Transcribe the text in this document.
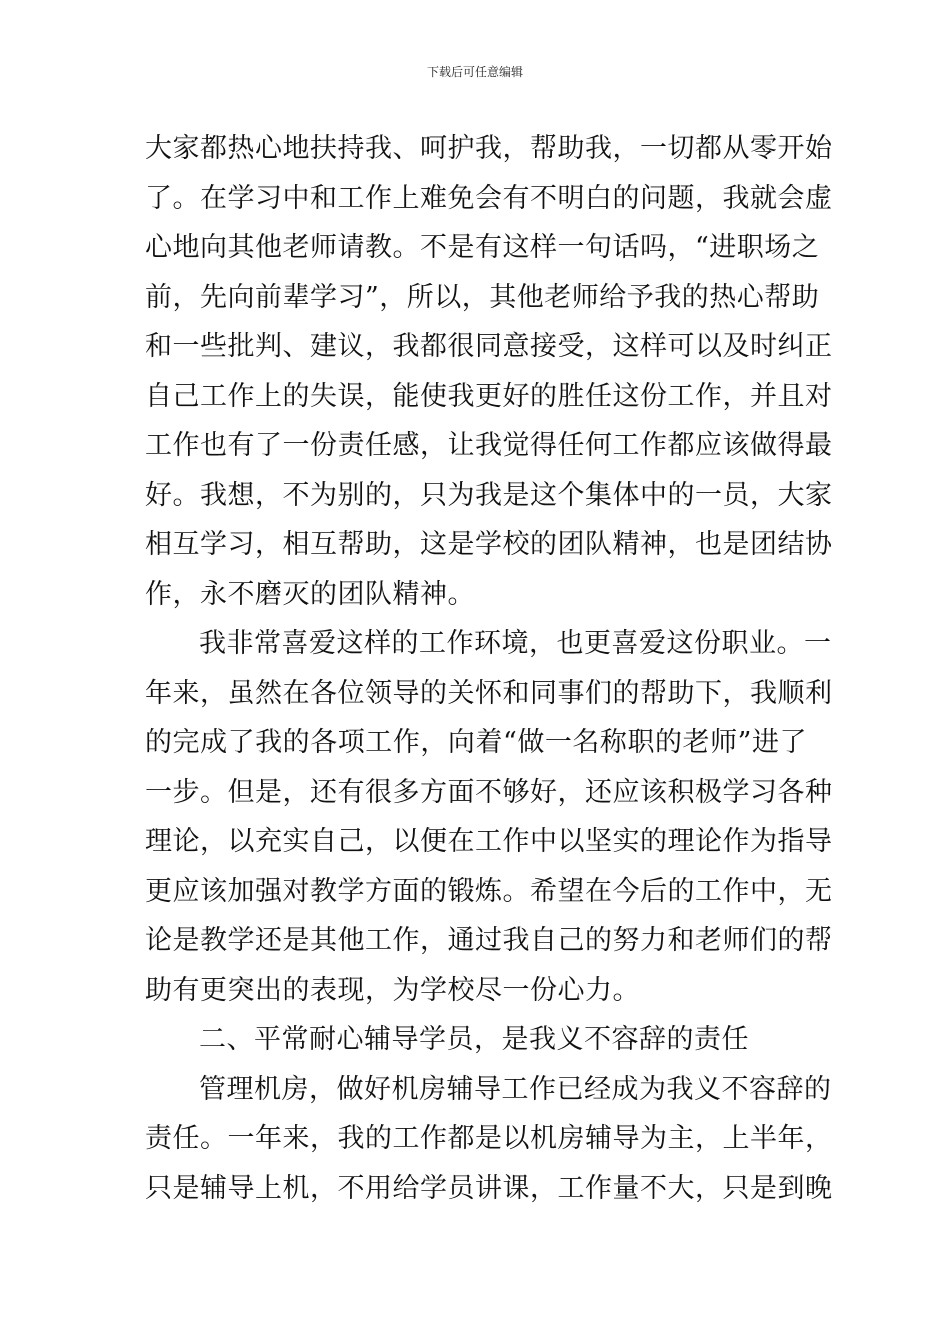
下载后可任意编辑
大家都热心地扶持我、呵护我，帮助我，一切都从零开始
了。在学习中和工作上难免会有不明白的问题，我就会虚
心地向其他老师请教。不是有这样一句话吗，“进职场之
前，先向前辈学习”，所以，其他老师给予我的热心帮助
和一些批判、建议，我都很同意接受，这样可以及时纠正
自己工作上的失误，能使我更好的胜任这份工作，并且对
工作也有了一份责任感，让我觉得任何工作都应该做得最
好。我想，不为别的，只为我是这个集体中的一员，大家
相互学习，相互帮助，这是学校的团队精神，也是团结协
作，永不磨灭的团队精神。
我非常喜爱这样的工作环境，也更喜爱这份职业。一
年来，虽然在各位领导的关怀和同事们的帮助下，我顺利
的完成了我的各项工作，向着“做一名称职的老师”进了
一步。但是，还有很多方面不够好，还应该积极学习各种
理论，以充实自己，以便在工作中以坚实的理论作为指导
更应该加强对教学方面的锻炼。希望在今后的工作中，无
论是教学还是其他工作，通过我自己的努力和老师们的帮
助有更突出的表现，为学校尽一份心力。
二、平常耐心辅导学员，是我义不容辞的责任
管理机房，做好机房辅导工作已经成为我义不容辞的
责任。一年来，我的工作都是以机房辅导为主，上半年，
只是辅导上机，不用给学员讲课，工作量不大，只是到晚
